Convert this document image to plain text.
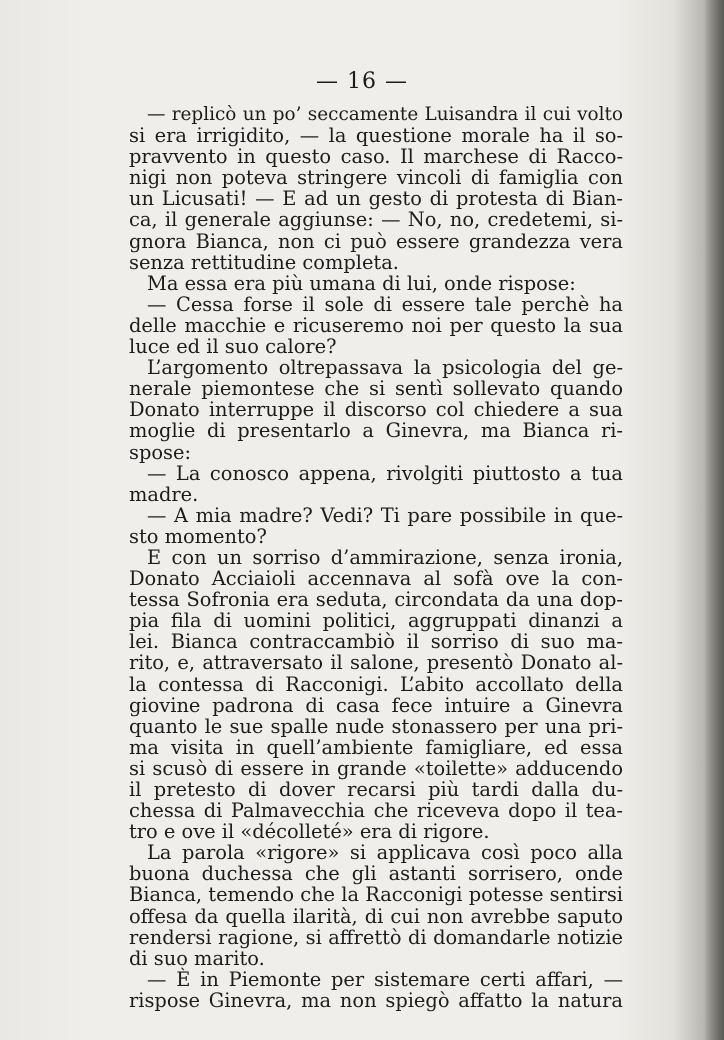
— 16 —
— replicò un po’ seccamente Luisandra il cui volto
si era irrigidito, — la questione morale ha il so-
pravvento in questo caso. Il marchese di Racco-
nigi non poteva stringere vincoli di famiglia con
un Licusati! — E ad un gesto di protesta di Bian-
ca, il generale aggiunse: — No, no, credetemi, si-
gnora Bianca, non ci può essere grandezza vera
senza rettitudine completa.
Ma essa era più umana di lui, onde rispose:
— Cessa forse il sole di essere tale perchè ha
delle macchie e ricuseremo noi per questo la sua
luce ed il suo calore?
L’argomento oltrepassava la psicologia del ge-
nerale piemontese che si sentì sollevato quando
Donato interruppe il discorso col chiedere a sua
moglie di presentarlo a Ginevra, ma Bianca ri-
spose:
— La conosco appena, rivolgiti piuttosto a tua
madre.
— A mia madre? Vedi? Ti pare possibile in que-
sto momento?
E con un sorriso d’ammirazione, senza ironia,
Donato Acciaioli accennava al sofà ove la con-
tessa Sofronia era seduta, circondata da una dop-
pia fila di uomini politici, aggruppati dinanzi a
lei. Bianca contraccambiò il sorriso di suo ma-
rito, e, attraversato il salone, presentò Donato al-
la contessa di Racconigi. L’abito accollato della
giovine padrona di casa fece intuire a Ginevra
quanto le sue spalle nude stonassero per una pri-
ma visita in quell’ambiente famigliare, ed essa
si scusò di essere in grande «toilette» adducendo
il pretesto di dover recarsi più tardi dalla du-
chessa di Palmavecchia che riceveva dopo il tea-
tro e ove il «décolleté» era di rigore.
La parola «rigore» si applicava così poco alla
buona duchessa che gli astanti sorrisero, onde
Bianca, temendo che la Racconigi potesse sentirsi
offesa da quella ilarità, di cui non avrebbe saputo
rendersi ragione, si affrettò di domandarle notizie
di suo marito.
— È in Piemonte per sistemare certi affari, —
rispose Ginevra, ma non spiegò affatto la natura
